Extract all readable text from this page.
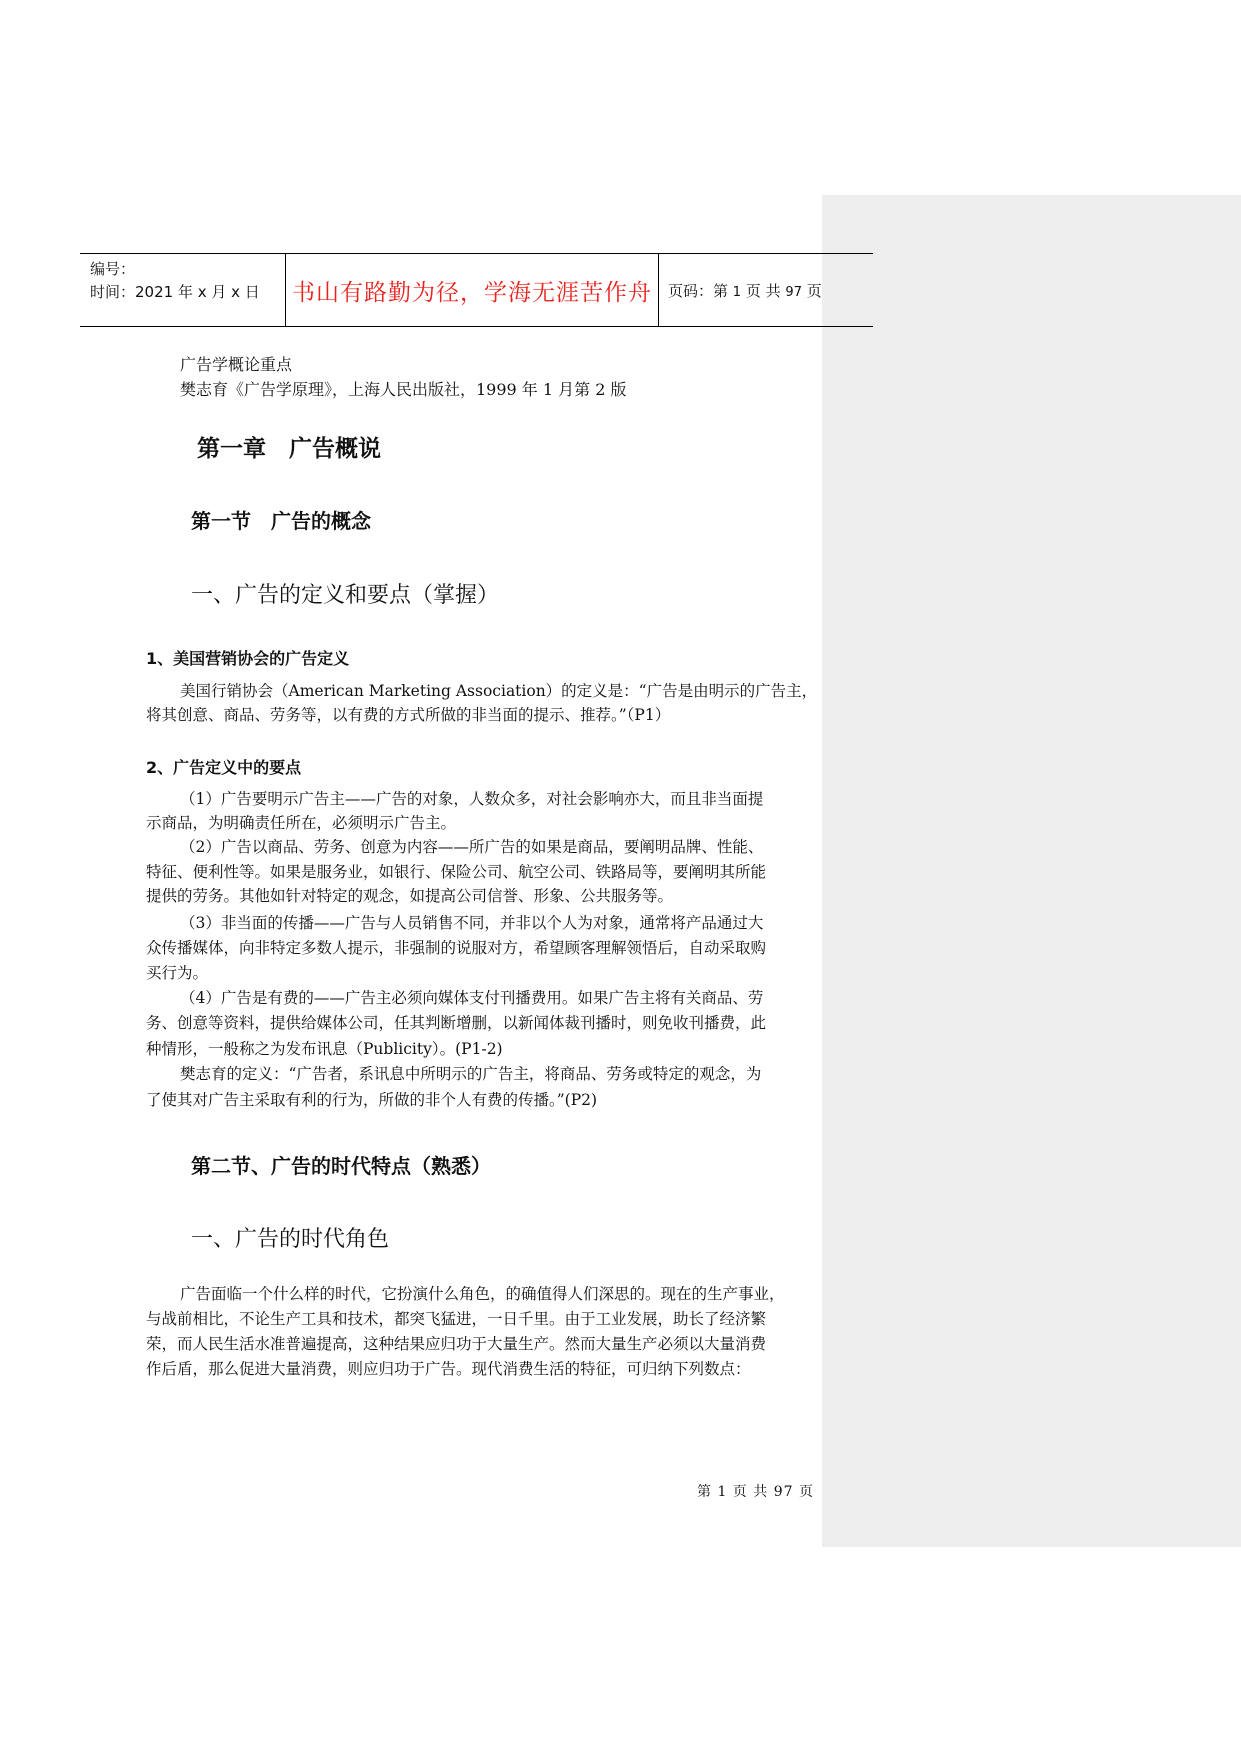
编号：
时间：2021 年 x 月 x 日 书山有路勤为径，学海无涯苦作舟 页码：第 1 页 共 97 页
广告学概论重点
樊志育《广告学原理》，上海人民出版社，1999 年 1 月第 2 版
第一章　广告概说
第一节　广告的概念
一、广告的定义和要点（掌握）
1、美国营销协会的广告定义
美国行销协会（American Marketing Association）的定义是：“广告是由明示的广告主，
将其创意、商品、劳务等，以有费的方式所做的非当面的提示、推荐。”（P1）
2、广告定义中的要点
（1）广告要明示广告主——广告的对象，人数众多，对社会影响亦大，而且非当面提
示商品，为明确责任所在，必须明示广告主。
（2）广告以商品、劳务、创意为内容——所广告的如果是商品，要阐明品牌、性能、
特征、便利性等。如果是服务业，如银行、保险公司、航空公司、铁路局等，要阐明其所能
提供的劳务。其他如针对特定的观念，如提高公司信誉、形象、公共服务等。
（3）非当面的传播——广告与人员销售不同，并非以个人为对象，通常将产品通过大
众传播媒体，向非特定多数人提示，非强制的说服对方，希望顾客理解领悟后，自动采取购
买行为。
（4）广告是有费的——广告主必须向媒体支付刊播费用。如果广告主将有关商品、劳
务、创意等资料，提供给媒体公司，任其判断增删，以新闻体裁刊播时，则免收刊播费，此
种情形，一般称之为发布讯息（Publicity）。(P1-2)
樊志育的定义：“广告者，系讯息中所明示的广告主，将商品、劳务或特定的观念，为
了使其对广告主采取有利的行为，所做的非个人有费的传播。”(P2)
第二节、广告的时代特点（熟悉）
一、广告的时代角色
广告面临一个什么样的时代，它扮演什么角色，的确值得人们深思的。现在的生产事业，
与战前相比，不论生产工具和技术，都突飞猛进，一日千里。由于工业发展，助长了经济繁
荣，而人民生活水准普遍提高，这种结果应归功于大量生产。然而大量生产必须以大量消费
作后盾，那么促进大量消费，则应归功于广告。现代消费生活的特征，可归纳下列数点：
第 1 页 共 97 页
